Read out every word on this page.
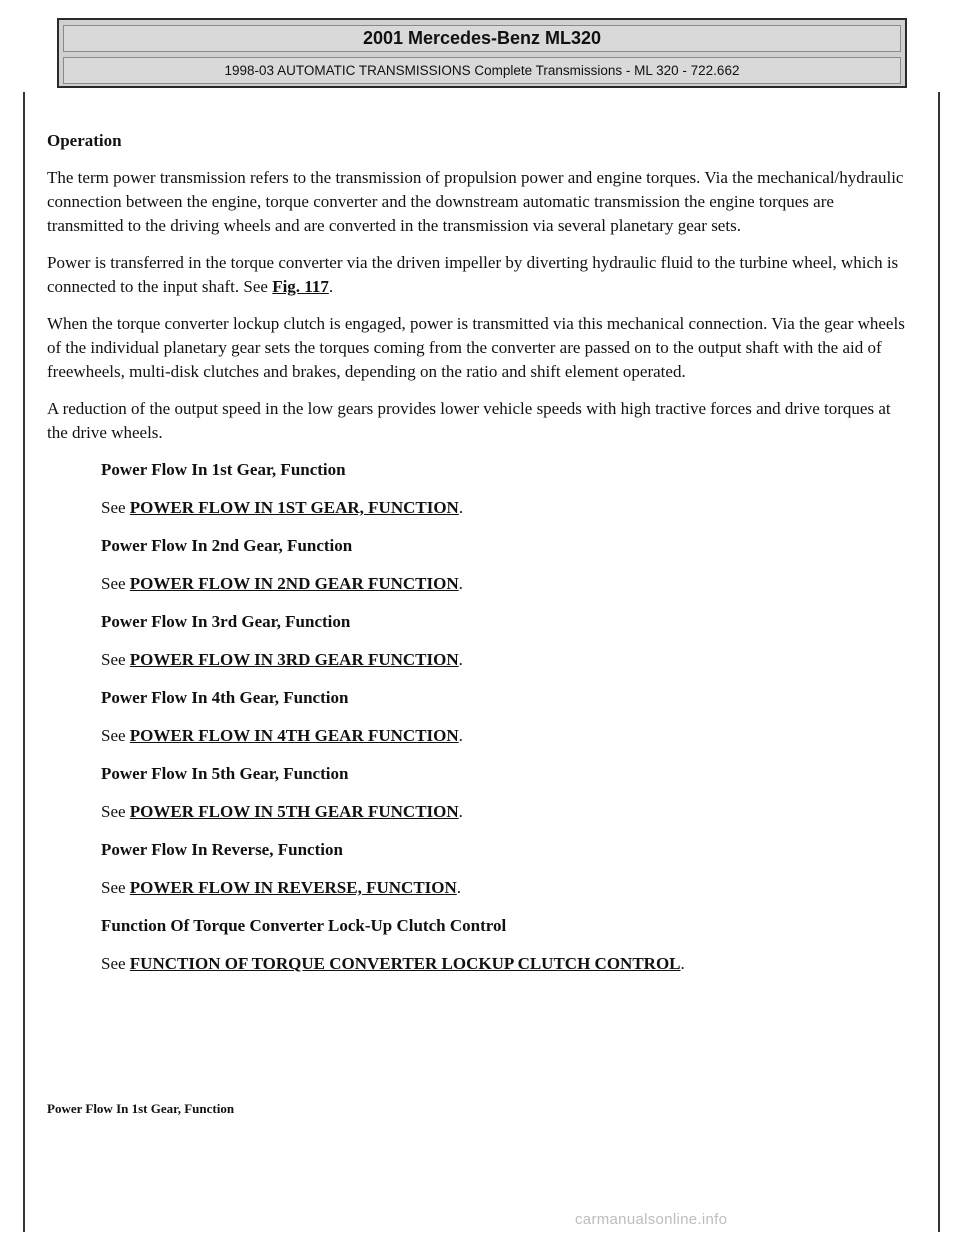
2001 Mercedes-Benz ML320
1998-03 AUTOMATIC TRANSMISSIONS Complete Transmissions - ML 320 - 722.662

Operation

The term power transmission refers to the transmission of propulsion power and engine torques. Via the mechanical/hydraulic connection between the engine, torque converter and the downstream automatic transmission the engine torques are transmitted to the driving wheels and are converted in the transmission via several planetary gear sets.

Power is transferred in the torque converter via the driven impeller by diverting hydraulic fluid to the turbine wheel, which is connected to the input shaft. See Fig. 117.

When the torque converter lockup clutch is engaged, power is transmitted via this mechanical connection. Via the gear wheels of the individual planetary gear sets the torques coming from the converter are passed on to the output shaft with the aid of freewheels, multi-disk clutches and brakes, depending on the ratio and shift element operated.

A reduction of the output speed in the low gears provides lower vehicle speeds with high tractive forces and drive torques at the drive wheels.

Power Flow In 1st Gear, Function

See POWER FLOW IN 1ST GEAR, FUNCTION.

Power Flow In 2nd Gear, Function

See POWER FLOW IN 2ND GEAR FUNCTION.

Power Flow In 3rd Gear, Function

See POWER FLOW IN 3RD GEAR FUNCTION.

Power Flow In 4th Gear, Function

See POWER FLOW IN 4TH GEAR FUNCTION.

Power Flow In 5th Gear, Function

See POWER FLOW IN 5TH GEAR FUNCTION.

Power Flow In Reverse, Function

See POWER FLOW IN REVERSE, FUNCTION.

Function Of Torque Converter Lock-Up Clutch Control

See FUNCTION OF TORQUE CONVERTER LOCKUP CLUTCH CONTROL.

Power Flow In 1st Gear, Function
carmanualsonline.info
